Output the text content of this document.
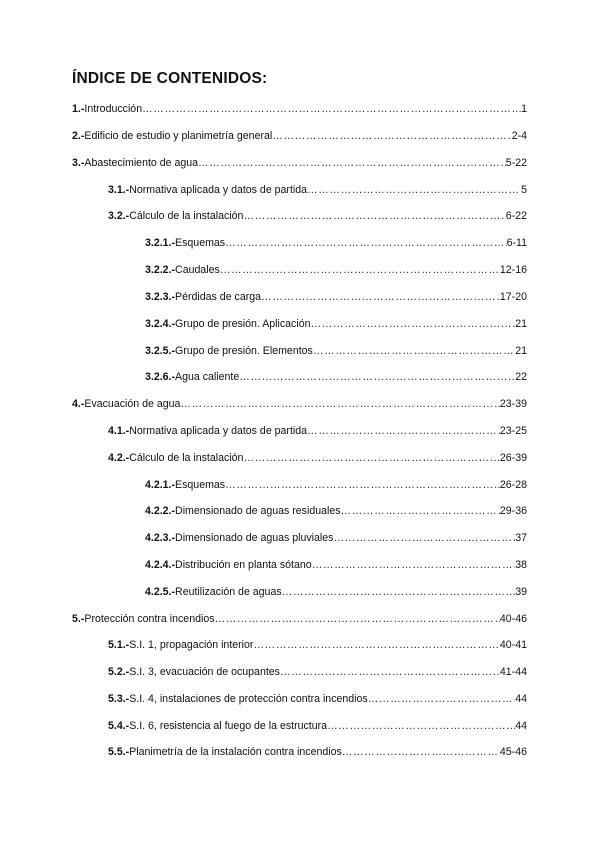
ÍNDICE DE CONTENIDOS:
1.- Introducción ……………………………………………………………………………………………………………………………………………………………………………………………………	1
2.- Edificio de estudio y planimetría general ……………………………………………………………………………………………………………………………………………………………………………………………………	2-4
3.- Abastecimiento de agua ……………………………………………………………………………………………………………………………………………………………………………………………………	5-22
3.1.- Normativa aplicada y datos de partida ……………………………………………………………………………………………………………………………………………………………………………………………………	5
3.2.- Cálculo de la instalación ……………………………………………………………………………………………………………………………………………………………………………………………………	6-22
3.2.1.- Esquemas ……………………………………………………………………………………………………………………………………………………………………………………………………	6-11
3.2.2.- Caudales ……………………………………………………………………………………………………………………………………………………………………………………………………	12-16
3.2.3.- Pérdidas de carga ……………………………………………………………………………………………………………………………………………………………………………………………………	17-20
3.2.4.- Grupo de presión. Aplicación ……………………………………………………………………………………………………………………………………………………………………………………………………	21
3.2.5.- Grupo de presión. Elementos ……………………………………………………………………………………………………………………………………………………………………………………………………	21
3.2.6.- Agua caliente ……………………………………………………………………………………………………………………………………………………………………………………………………	22
4.- Evacuación de agua ……………………………………………………………………………………………………………………………………………………………………………………………………	23-39
4.1.- Normativa aplicada y datos de partida ……………………………………………………………………………………………………………………………………………………………………………………………………	23-25
4.2.- Cálculo de la instalación ……………………………………………………………………………………………………………………………………………………………………………………………………	26-39
4.2.1.- Esquemas ……………………………………………………………………………………………………………………………………………………………………………………………………	26-28
4.2.2.- Dimensionado de aguas residuales ……………………………………………………………………………………………………………………………………………………………………………………………………	29-36
4.2.3.- Dimensionado de aguas pluviales ……………………………………………………………………………………………………………………………………………………………………………………………………	37
4.2.4.- Distribución en planta sótano ……………………………………………………………………………………………………………………………………………………………………………………………………	38
4.2.5.- Reutilización de aguas ……………………………………………………………………………………………………………………………………………………………………………………………………	39
5.- Protección contra incendios ……………………………………………………………………………………………………………………………………………………………………………………………………	40-46
5.1.- S.I. 1, propagación interior ……………………………………………………………………………………………………………………………………………………………………………………………………	40-41
5.2.- S.I. 3, evacuación de ocupantes ……………………………………………………………………………………………………………………………………………………………………………………………………	41-44
5.3.- S.I. 4, instalaciones de protección contra incendios ……………………………………………………………………………………………………………………………………………………………………………………………………	44
5.4.- S.I. 6, resistencia al fuego de la estructura ……………………………………………………………………………………………………………………………………………………………………………………………………	44
5.5.- Planimetría de la instalación contra incendios ……………………………………………………………………………………………………………………………………………………………………………………………………	45-46
